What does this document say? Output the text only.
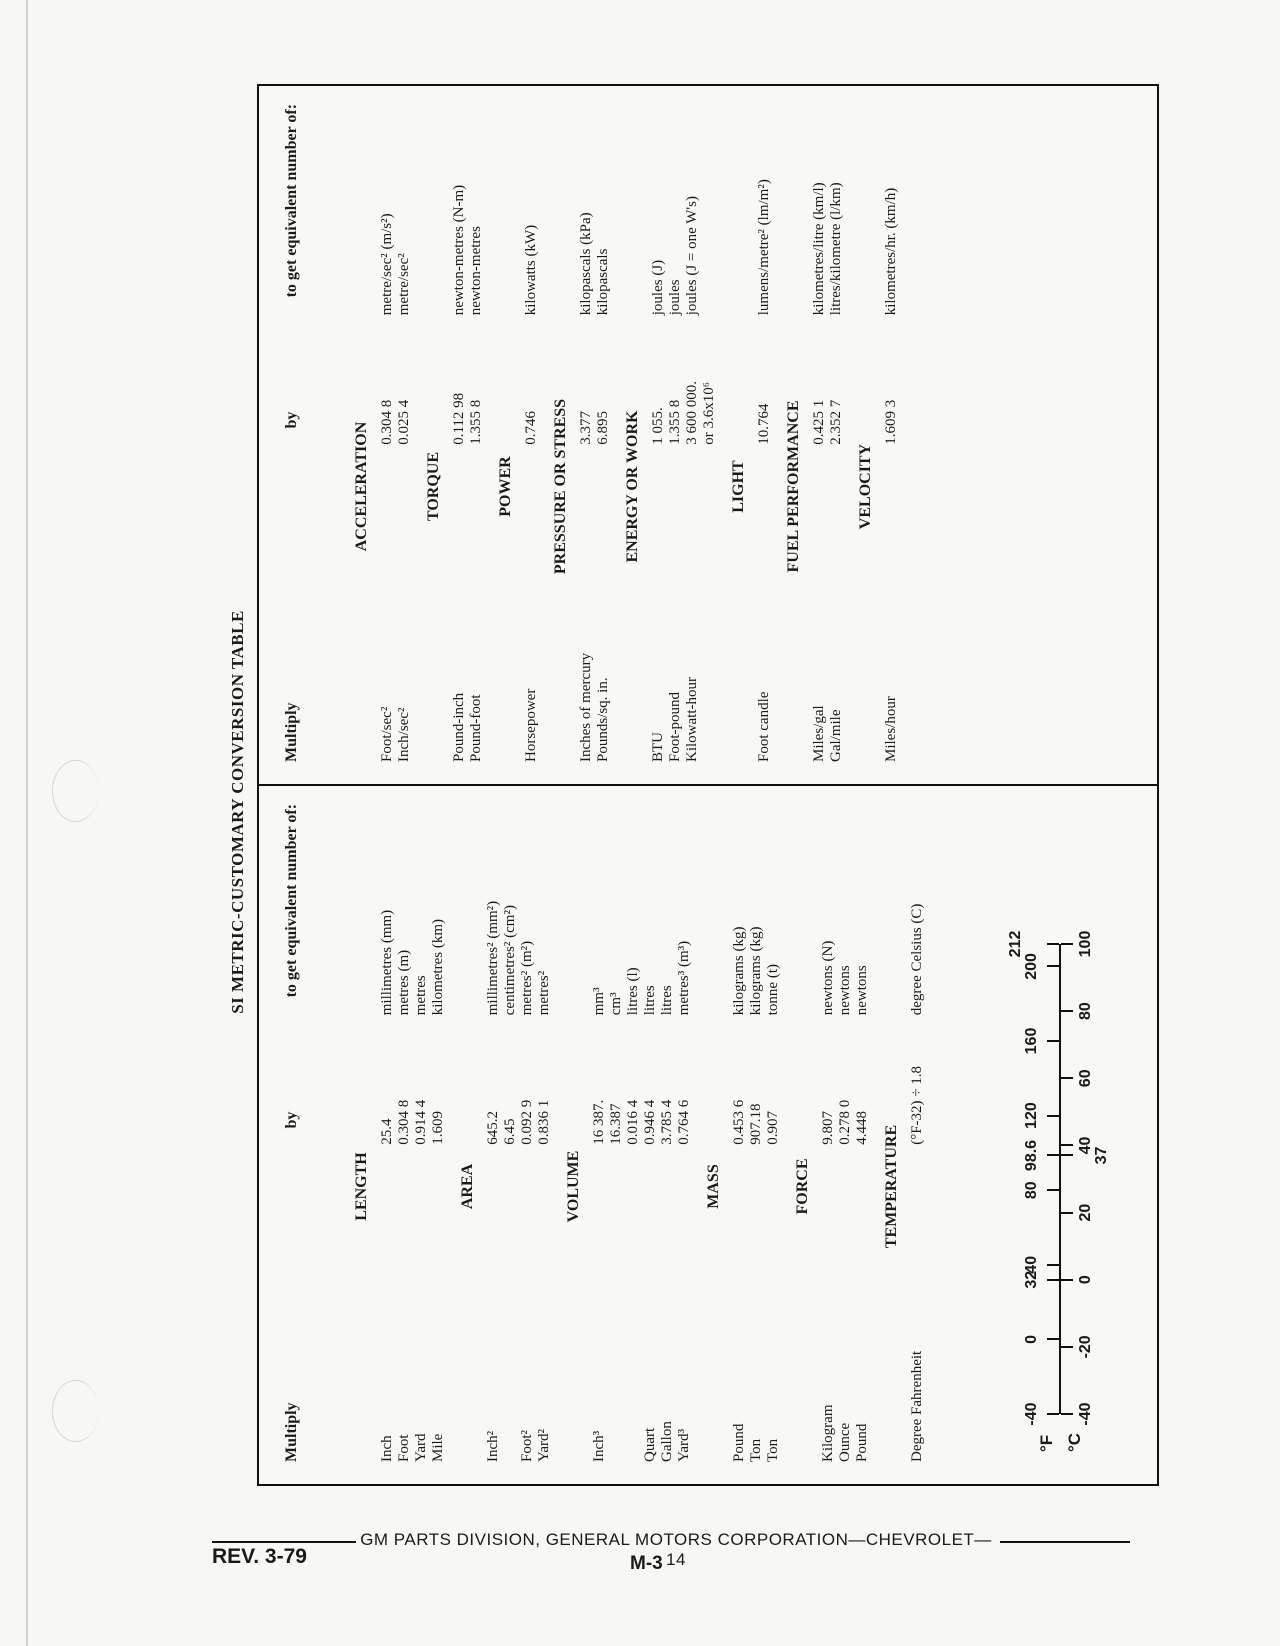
SI METRIC-CUSTOMARY CONVERSION TABLE
Multiply
by
to get equivalent number of:
LENGTH
Inch
25.4
millimetres (mm)
Foot
0.304 8
metres (m)
Yard
0.914 4
metres
Mile
1.609
kilometres (km)
AREA
Inch²
645.2
millimetres² (mm²)
6.45
centimetres² (cm²)
Foot²
0.092 9
metres² (m²)
Yard²
0.836 1
metres²
VOLUME
Inch³
16 387.
mm³
16.387
cm³
0.016 4
litres (l)
Quart
0.946 4
litres
Gallon
3.785 4
litres
Yard³
0.764 6
metres³ (m³)
MASS
Pound
0.453 6
kilograms (kg)
Ton
907.18
kilograms (kg)
Ton
0.907
tonne (t)
FORCE
Kilogram
9.807
newtons (N)
Ounce
0.278 0
newtons
Pound
4.448
newtons
TEMPERATURE
Degree Fahrenheit
(°F-32) ÷ 1.8
degree Celsius (C)
-40
0
32
40
80
98.6
120
160
200
212
-40
-20
0
20
37
40
60
80
100
°F °C
Multiply
by
to get equivalent number of:
ACCELERATION
Foot/sec²
0.304 8
metre/sec² (m/s²)
Inch/sec²
0.025 4
metre/sec²
TORQUE
Pound-inch
0.112 98
newton-metres (N-m)
Pound-foot
1.355 8
newton-metres
POWER
Horsepower
0.746
kilowatts (kW)
PRESSURE OR STRESS
Inches of mercury
3.377
kilopascals (kPa)
Pounds/sq. in.
6.895
kilopascals
ENERGY OR WORK
BTU
1 055.
joules (J)
Foot-pound
1.355 8
joules
Kilowatt-hour
3 600 000.
joules (J = one W's)
or 3.6x10⁶
LIGHT
Foot candle
10.764
lumens/metre² (lm/m²)
FUEL PERFORMANCE
Miles/gal
0.425 1
kilometres/litre (km/l)
Gal/mile
2.352 7
litres/kilometre (l/km)
VELOCITY
Miles/hour
1.609 3
kilometres/hr. (km/h)
GM PARTS DIVISION, GENERAL MOTORS CORPORATION—CHEVROLET—14
REV. 3-79	M-3
